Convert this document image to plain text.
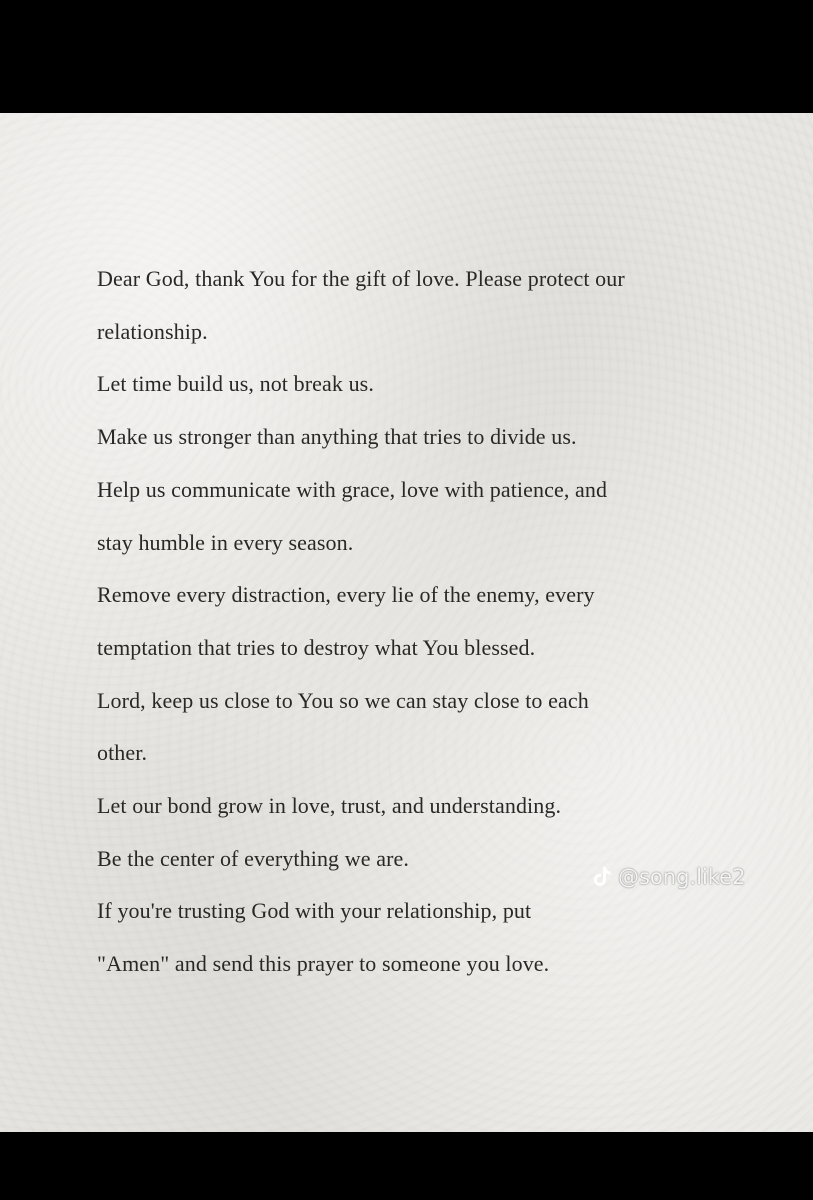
Dear God, thank You for the gift of love. Please protect our
relationship.
Let time build us, not break us.
Make us stronger than anything that tries to divide us.
Help us communicate with grace, love with patience, and
stay humble in every season.
Remove every distraction, every lie of the enemy, every
temptation that tries to destroy what You blessed.
Lord, keep us close to You so we can stay close to each
other.
Let our bond grow in love, trust, and understanding.
Be the center of everything we are.
If you're trusting God with your relationship, put
"Amen" and send this prayer to someone you love.
@song.like2
